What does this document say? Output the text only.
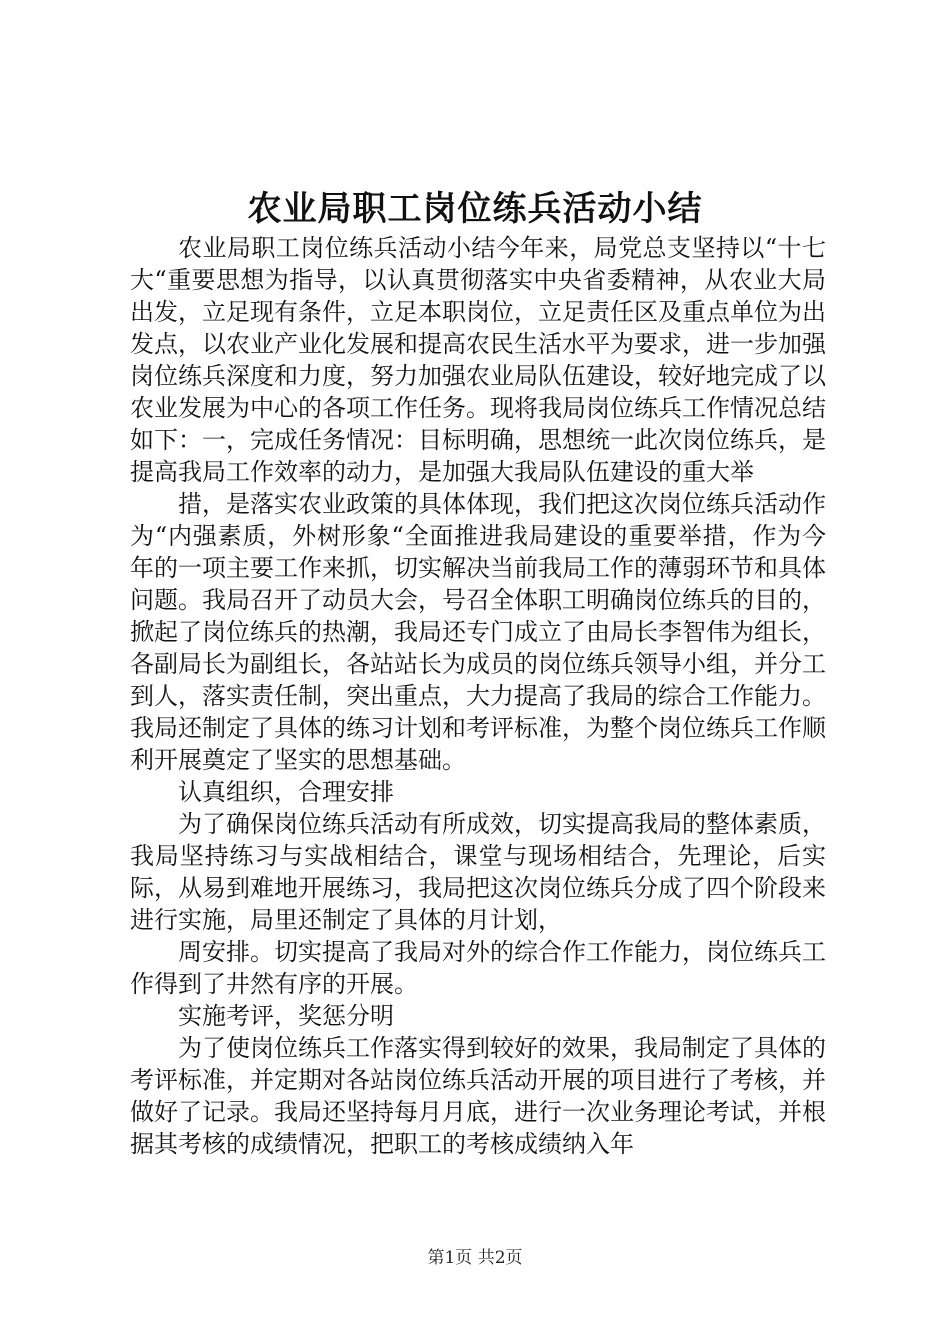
农业局职工岗位练兵活动小结

农业局职工岗位练兵活动小结今年来，局党总支坚持以“十七大“重要思想为指导，以认真贯彻落实中央省委精神，从农业大局出发，立足现有条件，立足本职岗位，立足责任区及重点单位为出发点，以农业产业化发展和提高农民生活水平为要求，进一步加强岗位练兵深度和力度，努力加强农业局队伍建设，较好地完成了以农业发展为中心的各项工作任务。现将我局岗位练兵工作情况总结如下：一，完成任务情况：目标明确，思想统一此次岗位练兵，是提高我局工作效率的动力，是加强大我局队伍建设的重大举

措，是落实农业政策的具体体现，我们把这次岗位练兵活动作为“内强素质，外树形象“全面推进我局建设的重要举措，作为今年的一项主要工作来抓，切实解决当前我局工作的薄弱环节和具体问题。我局召开了动员大会，号召全体职工明确岗位练兵的目的，掀起了岗位练兵的热潮，我局还专门成立了由局长李智伟为组长，各副局长为副组长，各站站长为成员的岗位练兵领导小组，并分工到人，落实责任制，突出重点，大力提高了我局的综合工作能力。我局还制定了具体的练习计划和考评标准，为整个岗位练兵工作顺利开展奠定了坚实的思想基础。

认真组织，合理安排

为了确保岗位练兵活动有所成效，切实提高我局的整体素质，我局坚持练习与实战相结合，课堂与现场相结合，先理论，后实际，从易到难地开展练习，我局把这次岗位练兵分成了四个阶段来进行实施，局里还制定了具体的月计划，

周安排。切实提高了我局对外的综合作工作能力，岗位练兵工作得到了井然有序的开展。

实施考评，奖惩分明

为了使岗位练兵工作落实得到较好的效果，我局制定了具体的考评标准，并定期对各站岗位练兵活动开展的项目进行了考核，并做好了记录。我局还坚持每月月底，进行一次业务理论考试，并根据其考核的成绩情况，把职工的考核成绩纳入年

第1页 共2页
